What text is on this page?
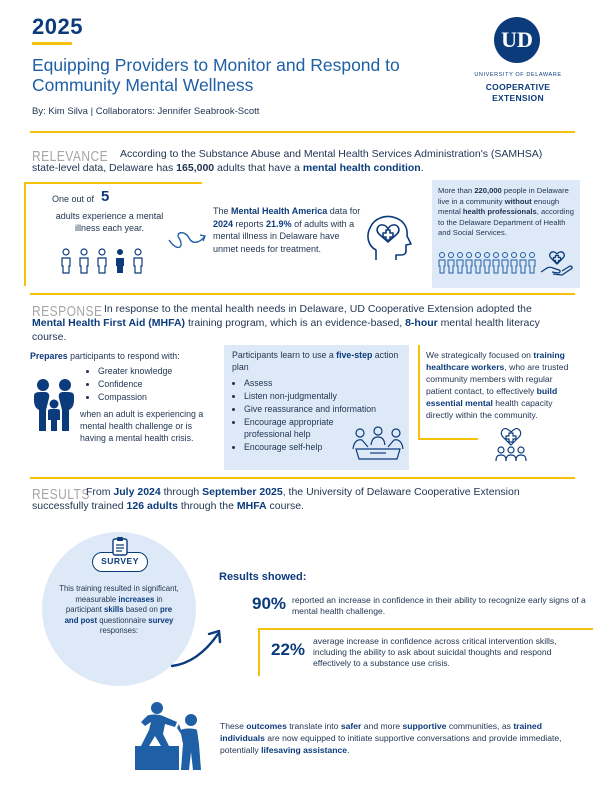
2025
Equipping Providers to Monitor and Respond to Community Mental Wellness
By: Kim Silva | Collaborators: Jennifer Seabrook-Scott
UD
UNIVERSITY OF DELAWARE
COOPERATIVE
EXTENSION
RELEVANCE	According to the Substance Abuse and Mental Health Services Administration's (SAMHSA) state-level data, Delaware has 165,000 adults that have a mental health condition.
One out of 5
adults experience a mental illness each year.
The Mental Health America data for 2024 reports 21.9% of adults with a mental illness in Delaware have unmet needs for treatment.
More than 220,000 people in Delaware live in a community without enough mental health professionals, according to the Delaware Department of Health and Social Services.
RESPONSE In response to the mental health needs in Delaware, UD Cooperative Extension adopted the Mental Health First Aid (MHFA) training program, which is an evidence-based, 8-hour mental health literacy course.
Prepares participants to respond with:
• Greater knowledge
• Confidence
• Compassion
when an adult is experiencing a mental health challenge or is having a mental health crisis.
Participants learn to use a five-step action plan
• Assess
• Listen non-judgmentally
• Give reassurance and information
• Encourage appropriate professional help
• Encourage self-help
We strategically focused on training healthcare workers, who are trusted community members with regular patient contact, to effectively build essential mental health capacity directly within the community.
RESULTS
From July 2024 through September 2025, the University of Delaware Cooperative Extension successfully trained 126 adults through the MHFA course.
SURVEY
This training resulted in significant, measurable increases in participant skills based on pre and post questionnaire survey responses:
Results showed:
90% reported an increase in confidence in their ability to recognize early signs of a mental health challenge.
22% average increase in confidence across critical intervention skills, including the ability to ask about suicidal thoughts and respond effectively to a substance use crisis.
These outcomes translate into safer and more supportive communities, as trained individuals are now equipped to initiate supportive conversations and provide immediate, potentially lifesaving assistance.
